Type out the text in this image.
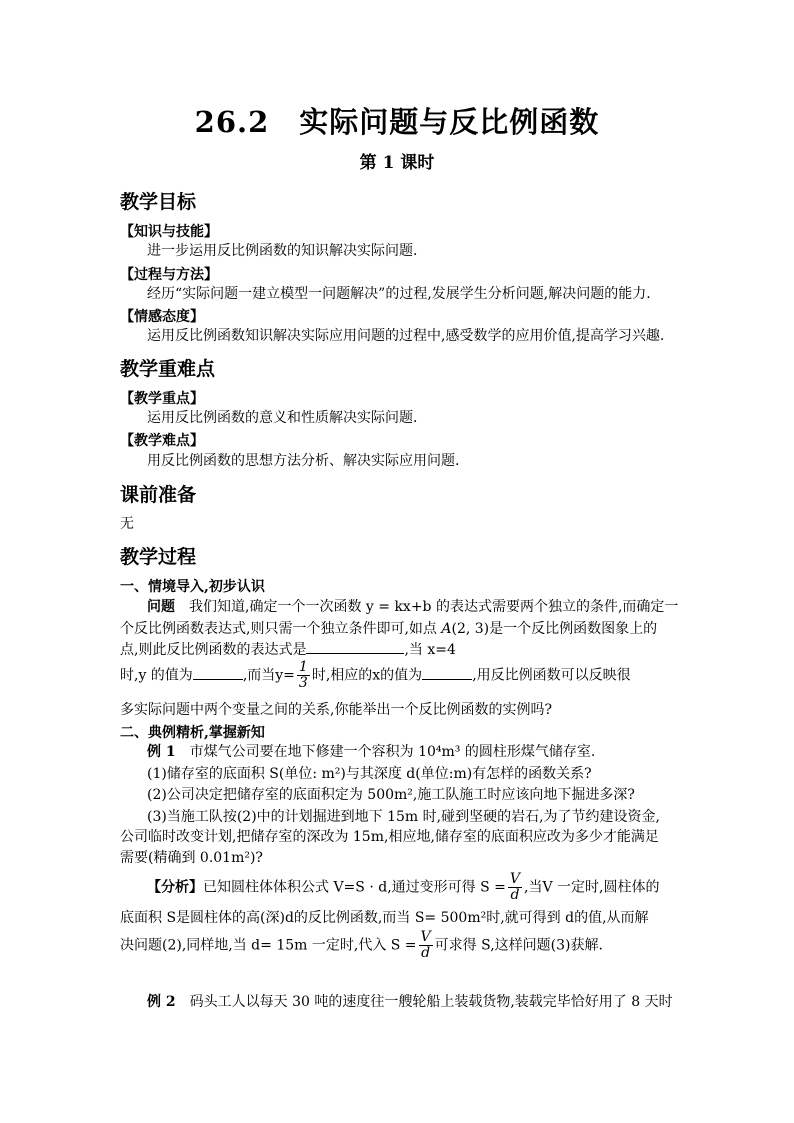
26.2　实际问题与反比例函数
第 1 课时
教学目标
【知识与技能】
进一步运用反比例函数的知识解决实际问题.
【过程与方法】
经历“实际问题一建立模型一问题解决”的过程,发展学生分析问题,解决问题的能力.
【情感态度】
运用反比例函数知识解决实际应用问题的过程中,感受数学的应用价值,提高学习兴趣.
教学重难点
【教学重点】
运用反比例函数的意义和性质解决实际问题.
【教学难点】
用反比例函数的思想方法分析、解决实际应用问题.
课前准备
无
教学过程
一、情境导入,初步认识
问题　 我们知道,确定一个一次函数 y = kx+b 的表达式需要两个独立的条件,而确定一
个反比例函数表达式,则只需一个独立条件即可,如点 A(2, 3)是一个反比例函数图象上的
点,则此反比例函数的表达式是	,当 x=4
时,y 的值为	,而当$y= \frac{1}{3}$ 时,相应的x的值为	,用反比例函数可以反映很
多实际问题中两个变量之间的关系,你能举出一个反比例函数的实例吗?
二、典例精析,掌握新知
例 1　 市煤气公司要在地下修建一个容积为 10⁴m³ 的圆柱形煤气储存室.
(1)储存室的底面积 S(单位: m²)与其深度 d(单位:m)有怎样的函数关系?
(2)公司决定把储存室的底面积定为 500m²,施工队施工时应该向地下掘进多深?
(3)当施工队按(2)中的计划掘进到地下 15m 时,碰到坚硬的岩石,为了节约建设资金,
公司临时改变计划,把储存室的深改为 15m,相应地,储存室的底面积应改为多少才能满足
需要(精确到 0.01m²)?
【分析】已知圆柱体体积公式 V=S · d,通过变形可得 $S = \frac{V}{d}$ ,当V 一定时,圆柱体的
底面积 S是圆柱体的高(深)d的反比例函数,而当 S= 500m²时,就可得到 d的值,从而解
决问题(2),同样地,当 d= 15m 一定时,代入 $S = \frac{V}{d}$ 可求得 S,这样问题(3)获解.
例 2　 码头工人以每天 30 吨的速度往一艘轮船上装载货物,装载完毕恰好用了 8 天时
